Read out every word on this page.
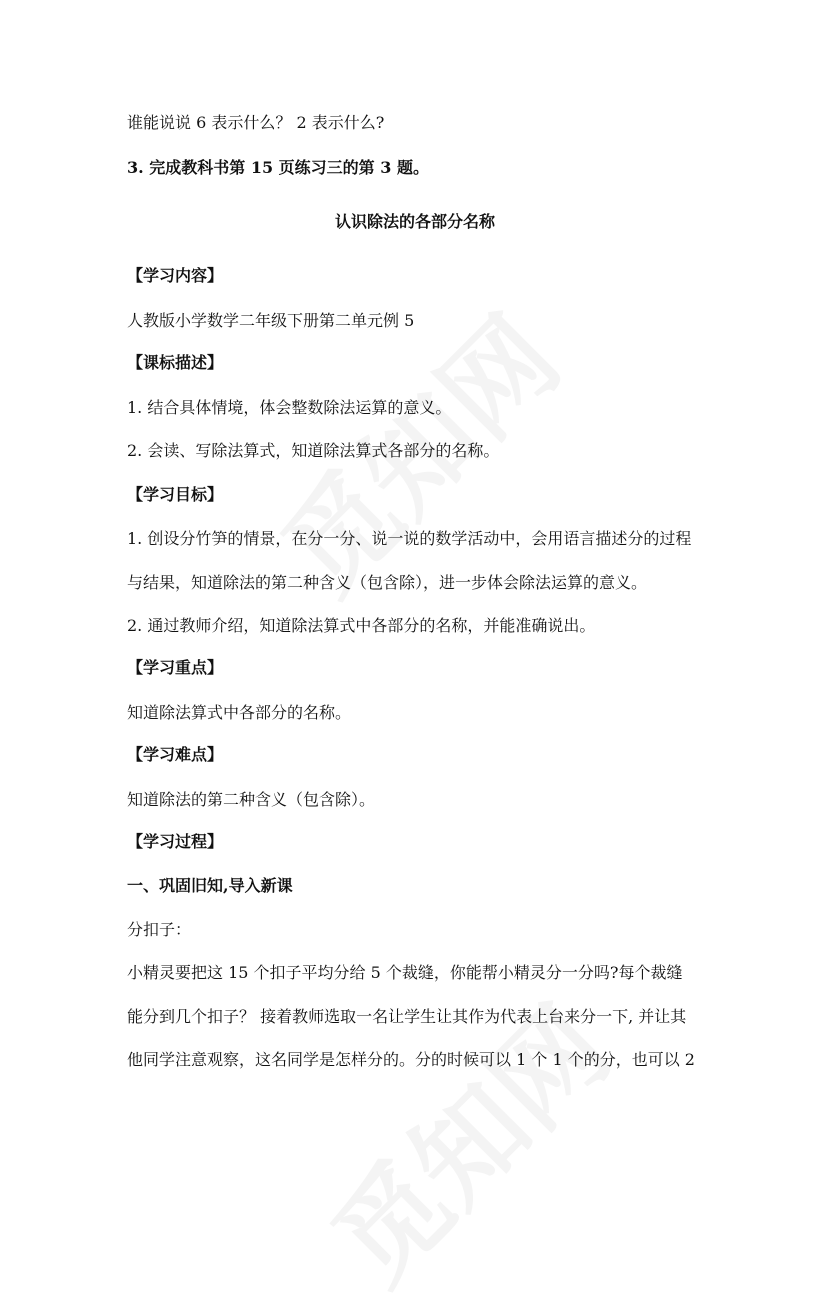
谁能说说 6 表示什么？ 2 表示什么?
3. 完成教科书第 15 页练习三的第 3 题。
认识除法的各部分名称
【学习内容】
人教版小学数学二年级下册第二单元例 5
【课标描述】
1. 结合具体情境，体会整数除法运算的意义。
2. 会读、写除法算式，知道除法算式各部分的名称。
【学习目标】
1. 创设分竹笋的情景，在分一分、说一说的数学活动中，会用语言描述分的过程
与结果，知道除法的第二种含义（包含除），进一步体会除法运算的意义。
2. 通过教师介绍，知道除法算式中各部分的名称，并能准确说出。
【学习重点】
知道除法算式中各部分的名称。
【学习难点】
知道除法的第二种含义（包含除）。
【学习过程】
一、巩固旧知,导入新课
分扣子：
小精灵要把这 15 个扣子平均分给 5 个裁缝，你能帮小精灵分一分吗?每个裁缝
能分到几个扣子？ 接着教师选取一名让学生让其作为代表上台来分一下, 并让其
他同学注意观察，这名同学是怎样分的。分的时候可以 1 个 1 个的分，也可以 2
